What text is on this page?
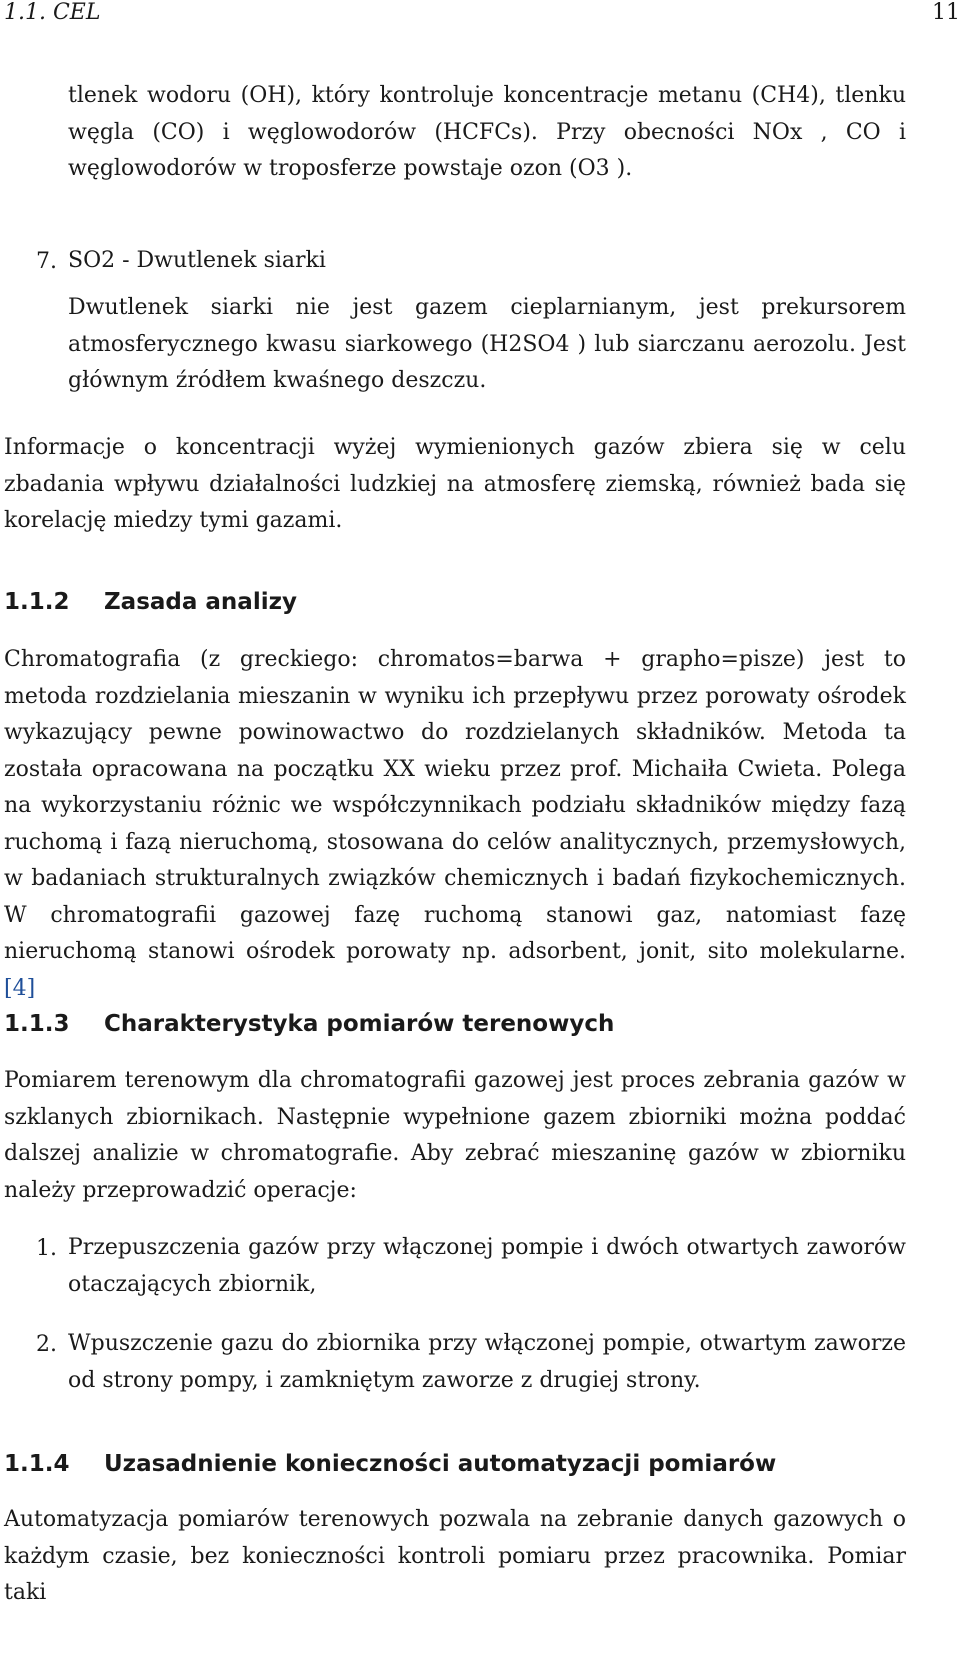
1.1. CEL	11

tlenek wodoru (OH), który kontroluje koncentracje metanu (CH4), tlenku węgla (CO) i węglowodorów (HCFCs). Przy obecności NOx , CO i węglowodorów w troposferze powstaje ozon (O3 ).

7. SO2 - Dwutlenek siarki

Dwutlenek siarki nie jest gazem cieplarnianym, jest prekursorem atmosferycznego kwasu siarkowego (H2SO4 ) lub siarczanu aerozolu. Jest głównym źródłem kwaśnego deszczu.

Informacje o koncentracji wyżej wymienionych gazów zbiera się w celu zbadania wpływu działalności ludzkiej na atmosferę ziemską, również bada się korelację miedzy tymi gazami.

1.1.2 Zasada analizy

Chromatografia (z greckiego: chromatos=barwa + grapho=pisze) jest to metoda rozdzielania mieszanin w wyniku ich przepływu przez porowaty ośrodek wykazujący pewne powinowactwo do rozdzielanych składników. Metoda ta została opracowana na początku XX wieku przez prof. Michaiła Cwieta. Polega na wykorzystaniu różnic we współczynnikach podziału składników między fazą ruchomą i fazą nieruchomą, stosowana do celów analitycznych, przemysłowych, w badaniach strukturalnych związków chemicznych i badań fizykochemicznych. W chromatografii gazowej fazę ruchomą stanowi gaz, natomiast fazę nieruchomą stanowi ośrodek porowaty np. adsorbent, jonit, sito molekularne. [4]

1.1.3 Charakterystyka pomiarów terenowych

Pomiarem terenowym dla chromatografii gazowej jest proces zebrania gazów w szklanych zbiornikach. Następnie wypełnione gazem zbiorniki można poddać dalszej analizie w chromatografie. Aby zebrać mieszaninę gazów w zbiorniku należy przeprowadzić operacje:

1. Przepuszczenia gazów przy włączonej pompie i dwóch otwartych zaworów otaczających zbiornik,

2. Wpuszczenie gazu do zbiornika przy włączonej pompie, otwartym zaworze od strony pompy, i zamkniętym zaworze z drugiej strony.

1.1.4 Uzasadnienie konieczności automatyzacji pomiarów

Automatyzacja pomiarów terenowych pozwala na zebranie danych gazowych o każdym czasie, bez konieczności kontroli pomiaru przez pracownika. Pomiar taki
